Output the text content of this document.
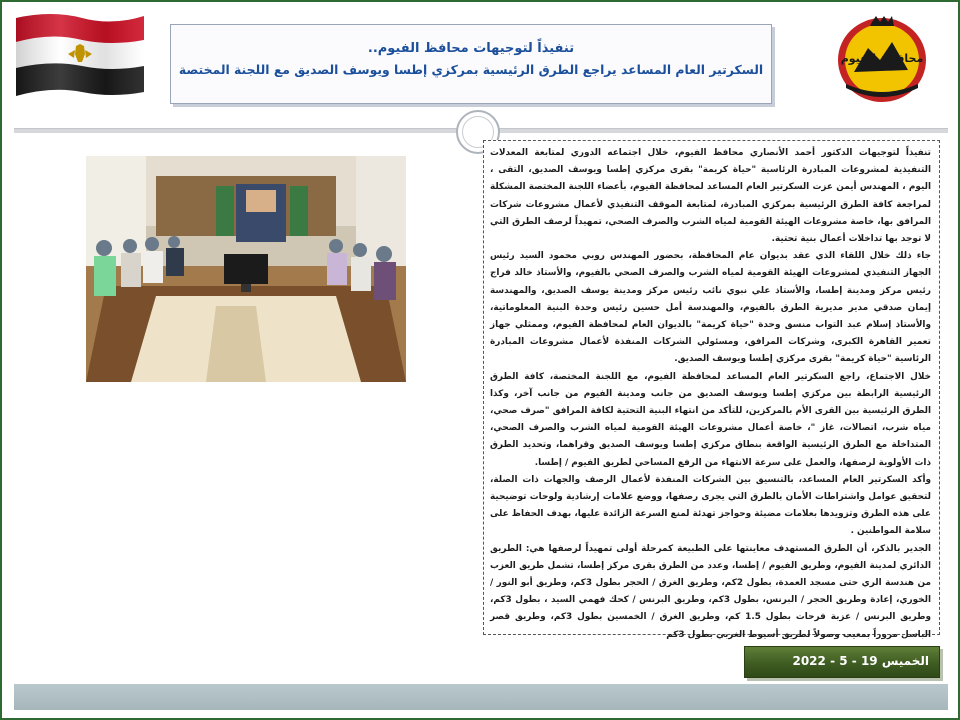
محافظة الفيوم
تنفيذاً لتوجيهات محافظ الفيوم..
السكرتير العام المساعد يراجع الطرق الرئيسية بمركزي إطسا ويوسف الصديق مع اللجنة المختصة

تنفيذاً لتوجيهات الدكتور أحمد الأنصاري محافظ الفيوم، خلال اجتماعه الدوري لمتابعة المعدلات التنفيذية لمشروعات المبادرة الرئاسية "حياة كريمة" بقرى مركزي إطسا ويوسف الصديق، التقى ، اليوم ، المهندس أيمن عزت السكرتير العام المساعد لمحافظة الفيوم، بأعضاء اللجنة المختصة المشكلة لمراجعة كافة الطرق الرئيسية بمركزي المبادرة، لمتابعة الموقف التنفيذي لأعمال مشروعات شركات المرافق بها، خاصة مشروعات الهيئة القومية لمياه الشرب والصرف الصحي، تمهيداً لرصف الطرق التي لا توجد بها تداخلات أعمال بنية تحتية.

جاء ذلك خلال اللقاء الذي عقد بديوان عام المحافظة، بحضور المهندس روبي محمود السيد رئيس الجهاز التنفيذي لمشروعات الهيئة القومية لمياه الشرب والصرف الصحي بالفيوم، والأستاذ خالد فراج رئيس مركز ومدينة إطسا، والأستاذ علي نبوي نائب رئيس مركز ومدينة يوسف الصديق، والمهندسة إيمان صدقي مدير مديرية الطرق بالفيوم، والمهندسة أمل حسين رئيس وحدة البنية المعلوماتية، والأستاذ إسلام عبد التواب منسق وحدة "حياة كريمة" بالديوان العام لمحافظة الفيوم، وممثلي جهاز تعمير القاهرة الكبرى، وشركات المرافق، ومسئولي الشركات المنفذة لأعمال مشروعات المبادرة الرئاسية "حياة كريمة" بقرى مركزي إطسا ويوسف الصديق.

خلال الاجتماع، راجع السكرتير العام المساعد لمحافظة الفيوم، مع اللجنة المختصة، كافة الطرق الرئيسية الرابطة بين مركزي إطسا ويوسف الصديق من جانب ومدينة الفيوم من جانب آخر، وكذا الطرق الرئيسية بين القرى الأم بالمركزين، للتأكد من انتهاء البنية التحتية لكافة المرافق "صرف صحي، مياه شرب، اتصالات، غاز "، خاصة أعمال مشروعات الهيئة القومية لمياه الشرب والصرف الصحي، المتداخلة مع الطرق الرئيسية الواقعة بنطاق مركزي إطسا ويوسف الصديق وقراهما، وتحديد الطرق ذات الأولوية لرصفها، والعمل على سرعة الانتهاء من الرفع المساحي لطريق الفيوم / إطسا.

وأكد السكرتير العام المساعد، بالتنسيق بين الشركات المنفذة لأعمال الرصف والجهات ذات الصلة، لتحقيق عوامل واشتراطات الأمان بالطرق التي يجرى رصفها، ووضع علامات إرشادية ولوحات توضيحية على هذه الطرق وتزويدها بعلامات مضيئة وحواجز تهدئة لمنع السرعة الزائدة عليها، بهدف الحفاظ على سلامة المواطنين .

الجدير بالذكر، أن الطرق المستهدف معاينتها على الطبيعة كمرحلة أولى تمهيداً لرصفها هي: الطريق الدائري لمدينة الفيوم، وطريق الفيوم / إطسا، وعدد من الطرق بقرى مركز إطسا، تشمل طريق العزب من هندسة الري حتى مسجد العمدة، بطول 2كم، وطريق الغرق / الحجر بطول 3كم، وطريق أبو النور / الخوري، إعادة وطريق الحجر / البرنس، بطول 3كم، وطريق البرنس / كحك فهمي السيد ، بطول 3كم، وطريق البرنس / عزبة فرحات بطول 1.5 كم، وطريق الغرق / الخمسين بطول 3كم، وطريق قصر الباسل مروراً بمعيب وصولاً لطريق أسيوط الغربي بطول 3كم

الخميس 19 - 5 - 2022
